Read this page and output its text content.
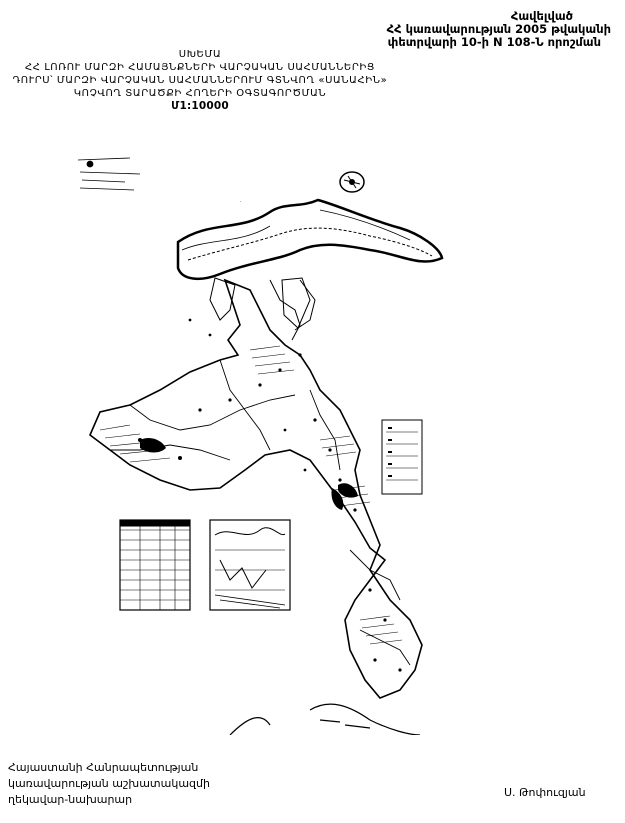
Հավելված
ՀՀ կառավարության 2005 թվականի
փետրվարի 10-ի N 108-Ն որոշման
ՍԽԵՄԱ
ՀՀ ԼՈՌՈՒ ՄԱՐԶԻ ՀԱՄԱՅՆՔՆԵՐԻ ՎԱՐՉԱԿԱՆ ՍԱՀՄԱՆՆԵՐԻՑ
ԴՈՒՐՍ՝ ՄԱՐԶԻ ՎԱՐՉԱԿԱՆ ՍԱՀՄԱՆՆԵՐՈՒՄ ԳՏՆՎՈՂ «ՍԱՆԱՀԻՆ»
ԿՈՉՎՈՂ ՏԱՐԱԾՔԻ ՀՈՂԵՐԻ ՕԳՏԱԳՈՐԾՄԱՆ
Մ1:10000
.
Հայաստանի Հանրապետության
կառավարության աշխատակազմի
ղեկավար-նախարար
Ս. Թոփուզյան
